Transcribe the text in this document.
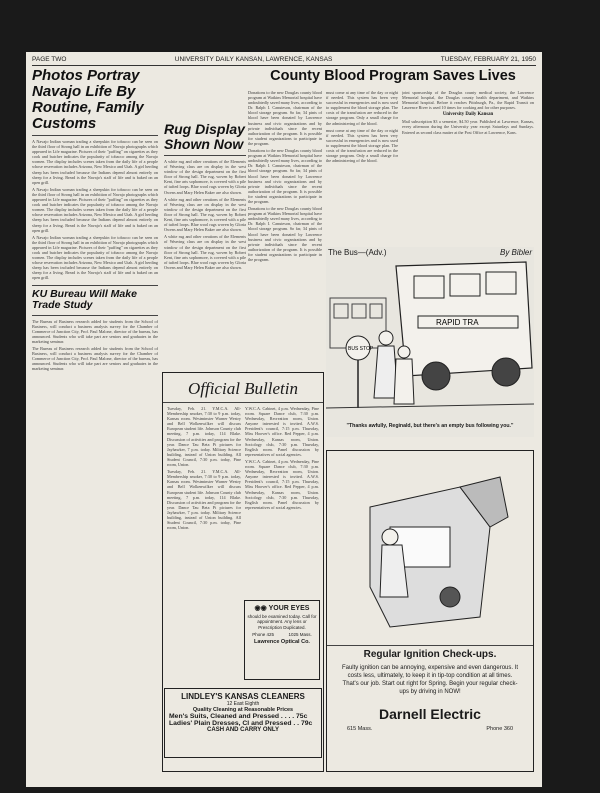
PAGE TWO	UNIVERSITY DAILY KANSAN, LAWRENCE, KANSAS	TUESDAY, FEBRUARY 21, 1950
Photos Portray Navajo Life By Routine, Family Customs

A Navajo Indian woman trading a sheepskin for tobacco can be seen on the third floor of Strong hall in an exhibition of Navajo photographs which appeared in Life magazine. Pictures of their "puffing" on cigarettes as they cook and butcher indicates the popularity of tobacco among the Navajo women. The display includes scenes taken from the daily life of a people whose reservation includes Arizona, New Mexico and Utah. A girl herding sheep has been included because the Indians depend almost entirely on sheep for a living. Bread is the Navajo's staff of life and is baked on an open grill.

A Navajo Indian woman trading a sheepskin for tobacco can be seen on the third floor of Strong hall in an exhibition of Navajo photographs which appeared in Life magazine. Pictures of their "puffing" on cigarettes as they cook and butcher indicates the popularity of tobacco among the Navajo women. The display includes scenes taken from the daily life of a people whose reservation includes Arizona, New Mexico and Utah. A girl herding sheep has been included because the Indians depend almost entirely on sheep for a living. Bread is the Navajo's staff of life and is baked on an open grill.

A Navajo Indian woman trading a sheepskin for tobacco can be seen on the third floor of Strong hall in an exhibition of Navajo photographs which appeared in Life magazine. Pictures of their "puffing" on cigarettes as they cook and butcher indicates the popularity of tobacco among the Navajo women. The display includes scenes taken from the daily life of a people whose reservation includes Arizona, New Mexico and Utah. A girl herding sheep has been included because the Indians depend almost entirely on sheep for a living. Bread is the Navajo's staff of life and is baked on an open grill.

KU Bureau Will Make Trade Study

The Bureau of Business research added for students from the School of Business, will conduct a business analysis survey for the Chamber of Commerce of Junction City, Prof. Paul Malone, director of the bureau, has announced. Students who will take part are seniors and graduates in the marketing seminar.

The Bureau of Business research added for students from the School of Business, will conduct a business analysis survey for the Chamber of Commerce of Junction City, Prof. Paul Malone, director of the bureau, has announced. Students who will take part are seniors and graduates in the marketing seminar.

Rug Display Shown Now

A white rug and other creations of the Elements of Weaving class are on display in the west window of the design department on the first floor of Strong hall. The rug, woven by Robert Kent, fine arts sophomore, is covered with a pile of tufted loops. Blue wool rugs woven by Gloria Owens and Mary Helen Baker are also shown.

A white rug and other creations of the Elements of Weaving class are on display in the west window of the design department on the first floor of Strong hall. The rug, woven by Robert Kent, fine arts sophomore, is covered with a pile of tufted loops. Blue wool rugs woven by Gloria Owens and Mary Helen Baker are also shown.

A white rug and other creations of the Elements of Weaving class are on display in the west window of the design department on the first floor of Strong hall. The rug, woven by Robert Kent, fine arts sophomore, is covered with a pile of tufted loops. Blue wool rugs woven by Gloria Owens and Mary Helen Baker are also shown.

County Blood Program Saves Lives

Donations to the new Douglas county blood program at Watkins Memorial hospital have undoubtedly saved many lives, according to Dr. Ralph I. Canuteson, chairman of the blood storage program. So far, 34 pints of blood have been donated by Lawrence business and civic organizations and by private individuals since the recent authorization of the program. It is possible for student organizations to participate in the program.

Donations to the new Douglas county blood program at Watkins Memorial hospital have undoubtedly saved many lives, according to Dr. Ralph I. Canuteson, chairman of the blood storage program. So far, 34 pints of blood have been donated by Lawrence business and civic organizations and by private individuals since the recent authorization of the program. It is possible for student organizations to participate in the program.

Donations to the new Douglas county blood program at Watkins Memorial hospital have undoubtedly saved many lives, according to Dr. Ralph I. Canuteson, chairman of the blood storage program. So far, 34 pints of blood have been donated by Lawrence business and civic organizations and by private individuals since the recent authorization of the program. It is possible for student organizations to participate in the program.

must come at any time of the day or night if needed. This system has been very successful in emergencies and is now used to supplement the blood storage plan. The costs of the transfusion are reduced in the storage program. Only a small charge for the administering of the blood.

must come at any time of the day or night if needed. This system has been very successful in emergencies and is now used to supplement the blood storage plan. The costs of the transfusion are reduced in the storage program. Only a small charge for the administering of the blood.

joint sponsorship of the Douglas county medical society, the Lawrence Memorial hospital, the Douglas county health department, and Watkins Memorial hospital. Before it reaches Pittsburgh, Pa., the Rapid Transit on Laurence River is used 10 times for cooking and for other purposes.

University Daily Kansan

Mail subscription $3 a semester, $4.50 year. Published at Lawrence, Kansas, every afternoon during the University year except Saturdays and Sundays. Entered as second class matter at the Post Office at Lawrence, Kans.

The Bus—(Adv.)	By Bibler
RAPID TRA
BUS STOP
"Thanks awfully, Reginald, but there's an empty bus following you."
Official Bulletin

Tuesday, Feb. 21. Y.M.C.A. All-Membership smoker, 7:30 to 9 p.m. today, Kansas room. Westminster Warner Westry and Bell Wolkenwilker will discuss European student life. Johnson County club meeting, 7 p.m. today, 114 Blake. Discussion of activities and program for the year. Dance Tau Beta Pi pictures for Jayhawker, 7 p.m. today. Military Science building, instead of Union building. All Student Council, 7:30 p.m. today, Pine room, Union.

Tuesday, Feb. 21. Y.M.C.A. All-Membership smoker, 7:30 to 9 p.m. today, Kansas room. Westminster Warner Westry and Bell Wolkenwilker will discuss European student life. Johnson County club meeting, 7 p.m. today, 114 Blake. Discussion of activities and program for the year. Dance Tau Beta Pi pictures for Jayhawker, 7 p.m. today. Military Science building, instead of Union building. All Student Council, 7:30 p.m. today, Pine room, Union.

Y.W.C.A. Cabinet, 4 p.m. Wednesday, Pine room. Square Dance club, 7:30 p.m. Wednesday, Recreation room, Union. Anyone interested is invited. A.W.S. President's council, 7:15 p.m. Thursday, Miss Hoover's office. Red Pepper, 4 p.m. Wednesday, Kansas room, Union. Sociology club, 7:30 p.m. Thursday, English room. Panel discussion by representatives of social agencies.

Y.W.C.A. Cabinet, 4 p.m. Wednesday, Pine room. Square Dance club, 7:30 p.m. Wednesday, Recreation room, Union. Anyone interested is invited. A.W.S. President's council, 7:15 p.m. Thursday, Miss Hoover's office. Red Pepper, 4 p.m. Wednesday, Kansas room, Union. Sociology club, 7:30 p.m. Thursday, English room. Panel discussion by representatives of social agencies.

◉◉ YOUR EYES
should be examined today. Call for appointment. Any lens or Prescription Duplicated.
Phone 425	1025 Mass.
Lawrence Optical Co.
LINDLEY'S KANSAS CLEANERS
12 East Eighth
Quality Cleaning at Reasonable Prices
Men's Suits, Cleaned and Pressed . . . . 75c
Ladies' Plain Dresses, CI and Pressed . . 79c
CASH AND CARRY ONLY
Regular Ignition Check-ups.
Faulty ignition can be annoying, expensive and even dangerous. It costs less, ultimately, to keep it in tip-top condition at all times. That's our job. Start out right for Spring. Begin your regular check-ups by driving in NOW!
Darnell Electric
615 Mass.	Phone 360
